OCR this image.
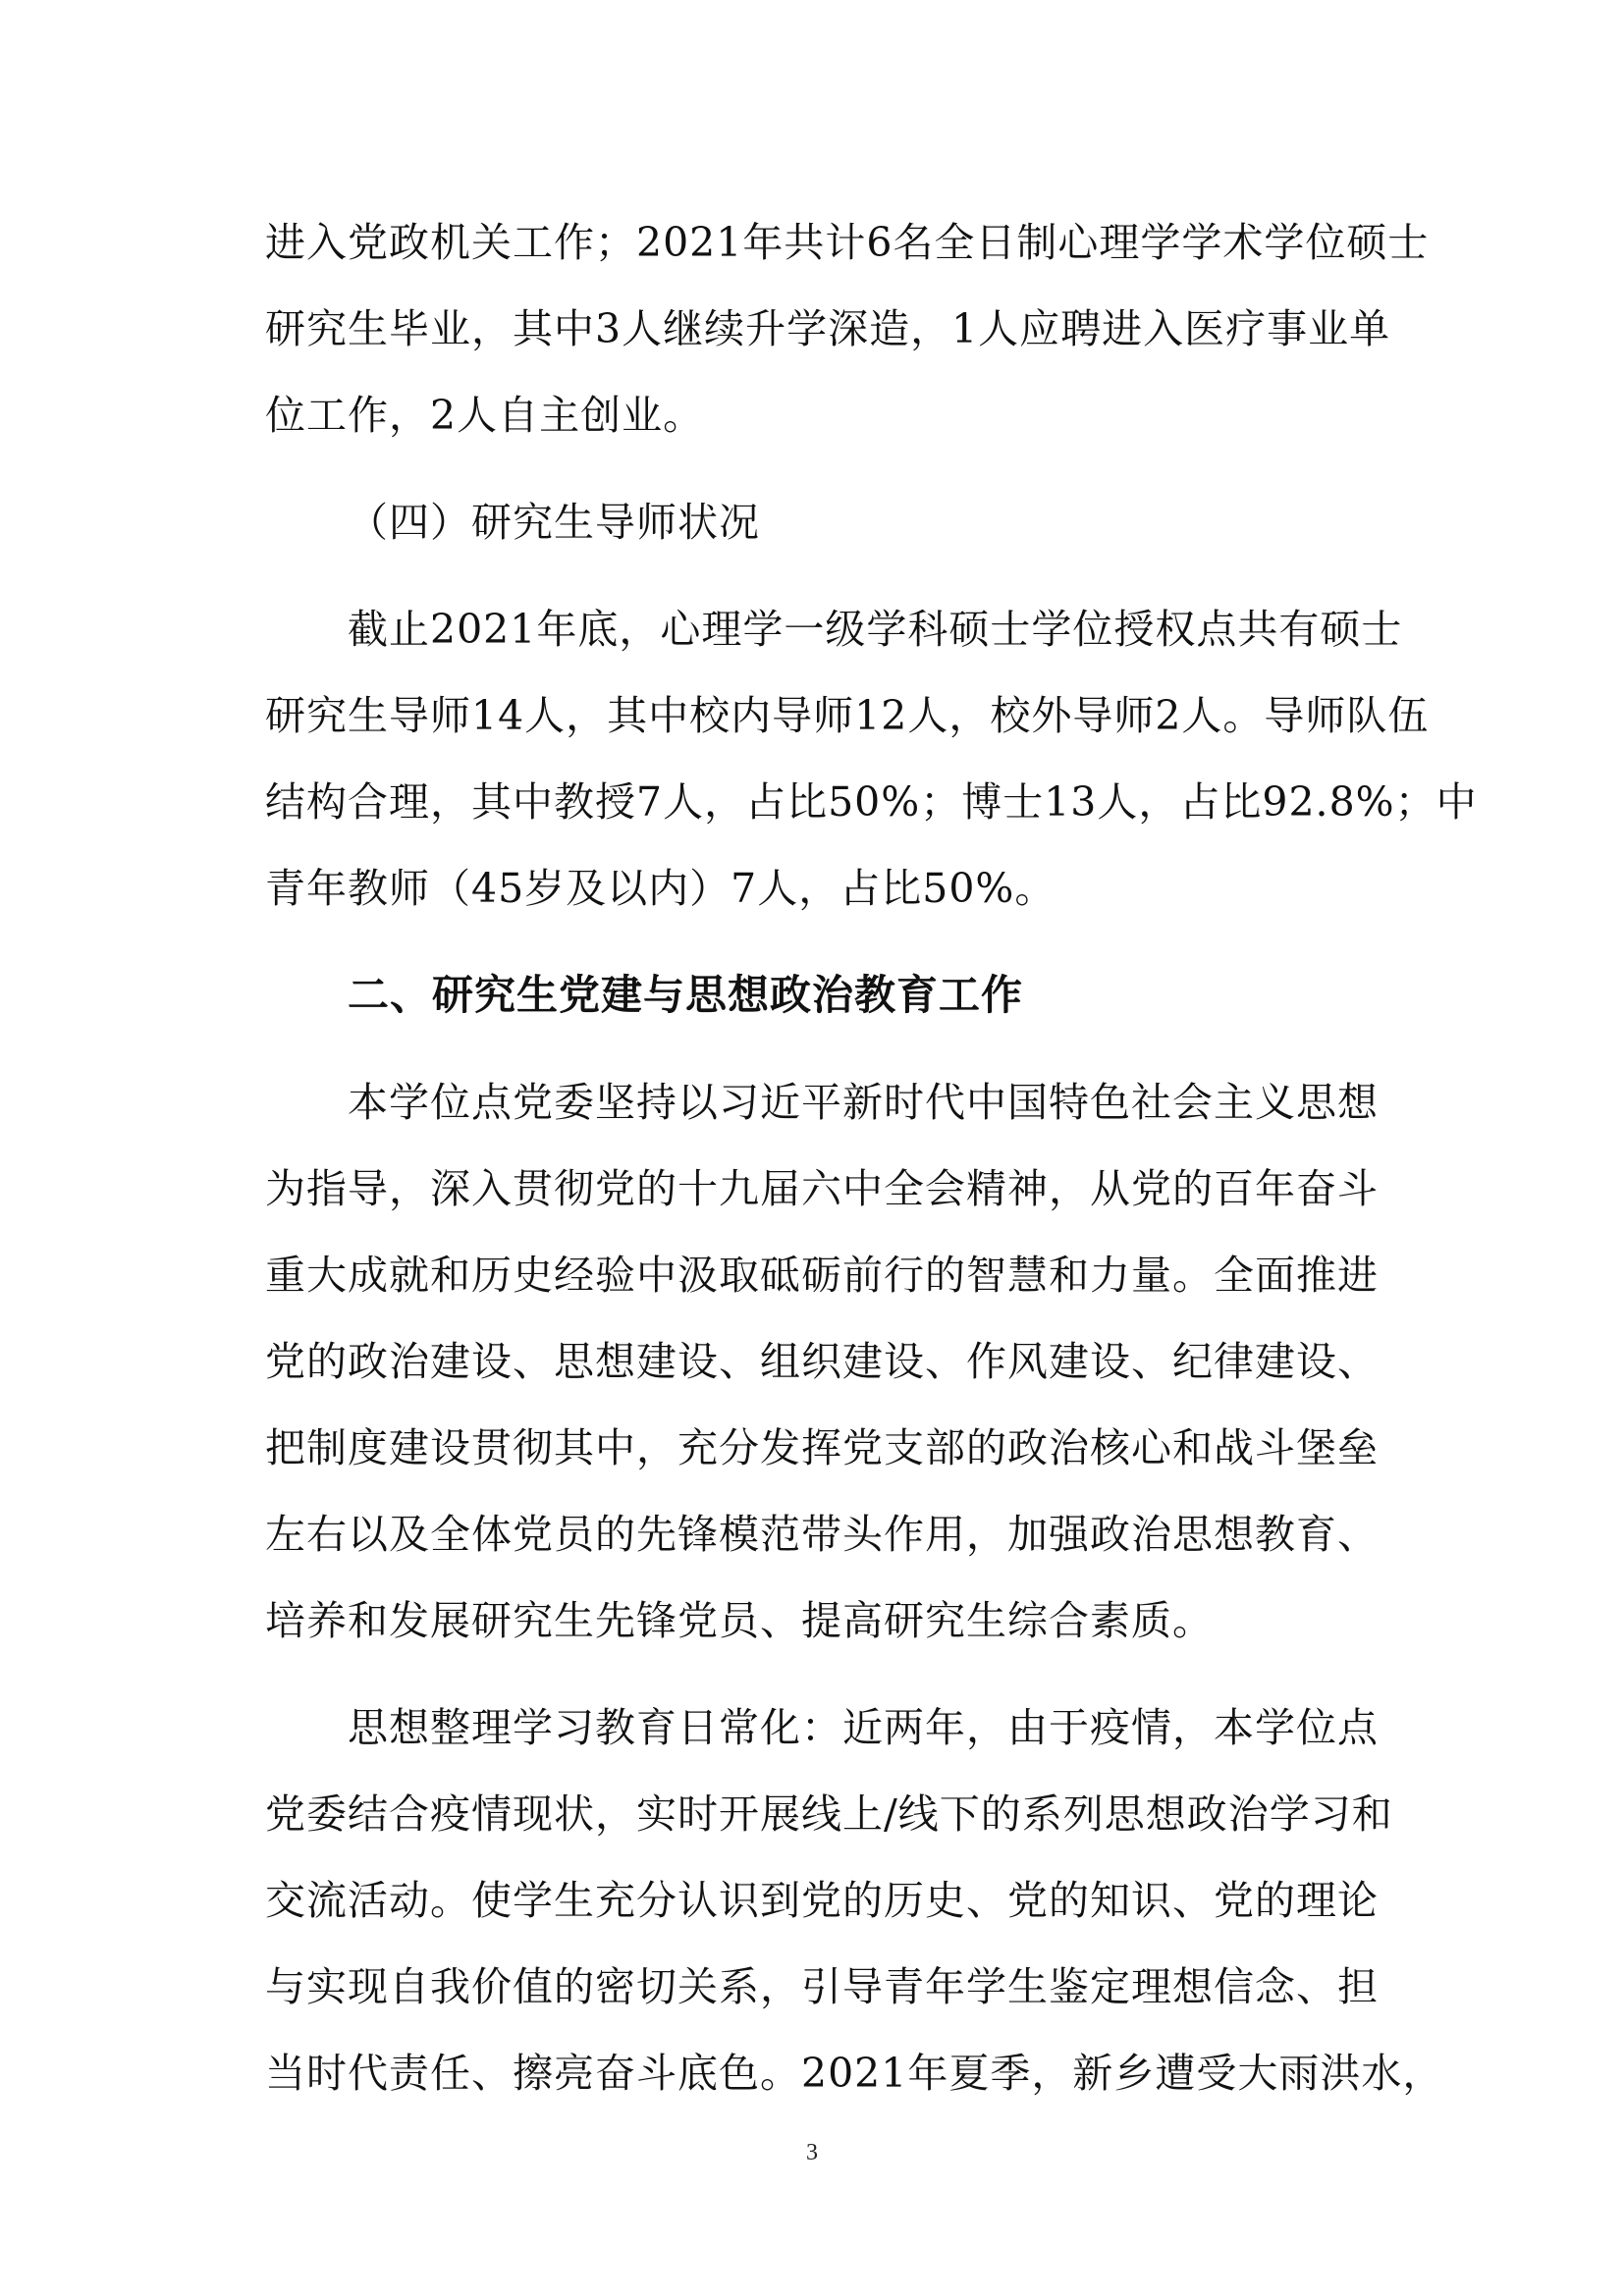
进入党政机关工作；2021年共计6名全日制心理学学术学位硕士
研究生毕业，其中3人继续升学深造，1人应聘进入医疗事业单
位工作，2人自主创业。
（四）研究生导师状况
截止2021年底，心理学一级学科硕士学位授权点共有硕士
研究生导师14人，其中校内导师12人，校外导师2人。导师队伍
结构合理，其中教授7人，占比50%；博士13人，占比92.8%；中
青年教师（45岁及以内）7人，占比50%。
二、研究生党建与思想政治教育工作
本学位点党委坚持以习近平新时代中国特色社会主义思想
为指导，深入贯彻党的十九届六中全会精神，从党的百年奋斗
重大成就和历史经验中汲取砥砺前行的智慧和力量。全面推进
党的政治建设、思想建设、组织建设、作风建设、纪律建设、
把制度建设贯彻其中，充分发挥党支部的政治核心和战斗堡垒
左右以及全体党员的先锋模范带头作用，加强政治思想教育、
培养和发展研究生先锋党员、提高研究生综合素质。
思想整理学习教育日常化：近两年，由于疫情，本学位点
党委结合疫情现状，实时开展线上/线下的系列思想政治学习和
交流活动。使学生充分认识到党的历史、党的知识、党的理论
与实现自我价值的密切关系，引导青年学生鉴定理想信念、担
当时代责任、擦亮奋斗底色。2021年夏季，新乡遭受大雨洪水，
3
